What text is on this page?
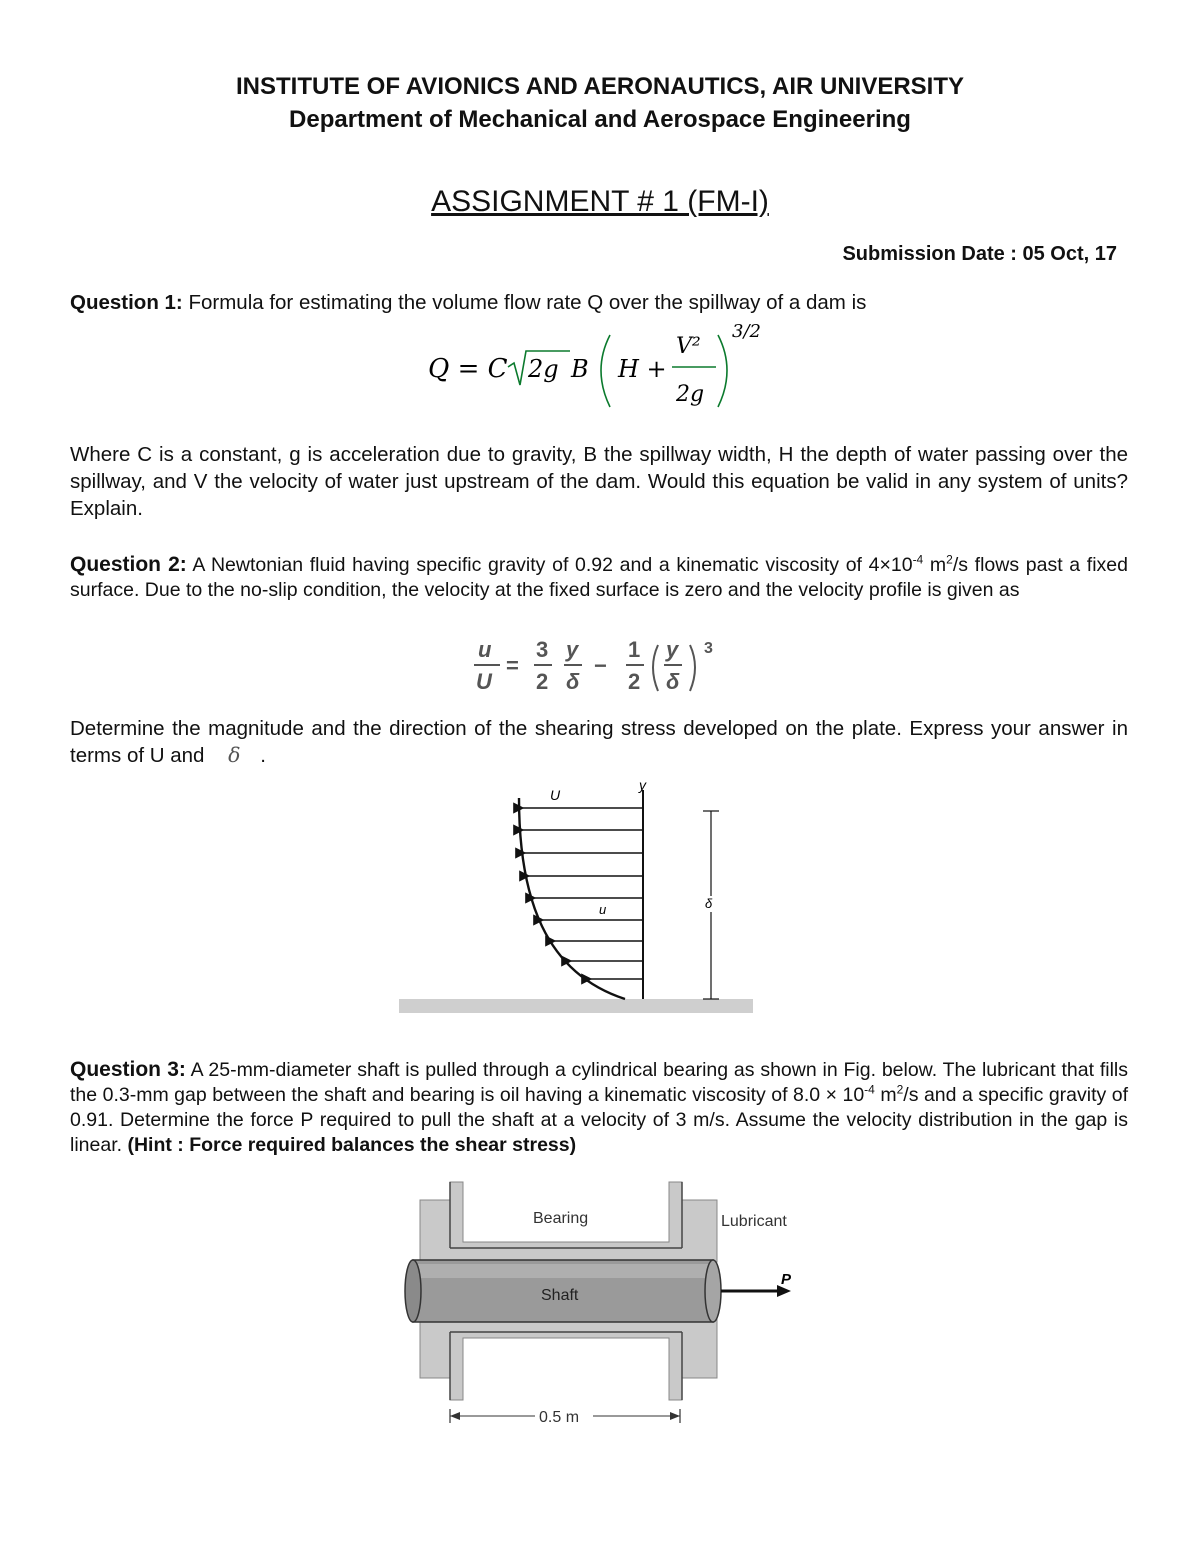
INSTITUTE OF AVIONICS AND AERONAUTICS, AIR UNIVERSITY
Department of Mechanical and Aerospace Engineering
ASSIGNMENT # 1 (FM-I)
Submission Date : 05 Oct, 17
Question 1: Formula for estimating the volume flow rate Q over the spillway of a dam is
Q = C 2g B H +
V²
2g
3/2
Where C is a constant, g is acceleration due to gravity, B the spillway width, H the depth of water passing over the spillway, and V the velocity of water just upstream of the dam. Would this equation be valid in any system of units? Explain.
Question 2: A Newtonian fluid having specific gravity of 0.92 and a kinematic viscosity of $4\times 10^{-4}$ $m^2/s$ flows past a fixed surface. Due to the no-slip condition, the velocity at the fixed surface is zero and the velocity profile is given as
u
U
=
3
2
y
δ
−
1
2
y
δ
3
Determine the magnitude and the direction of the shearing stress developed on the plate. Express your answer in terms of U and δ .
U
y
u	δ
Question 3: A 25-mm-diameter shaft is pulled through a cylindrical bearing as shown in Fig. below. The lubricant that fills the 0.3-mm gap between the shaft and bearing is oil having a kinematic viscosity of $8.0 \times 10^{-4}$ $m^2/s$ and a specific gravity of 0.91. Determine the force P required to pull the shaft at a velocity of 3 m/s. Assume the velocity distribution in the gap is linear. (Hint : Force required balances the shear stress)
P
Bearing	Lubricant
Shaft
0.5 m
